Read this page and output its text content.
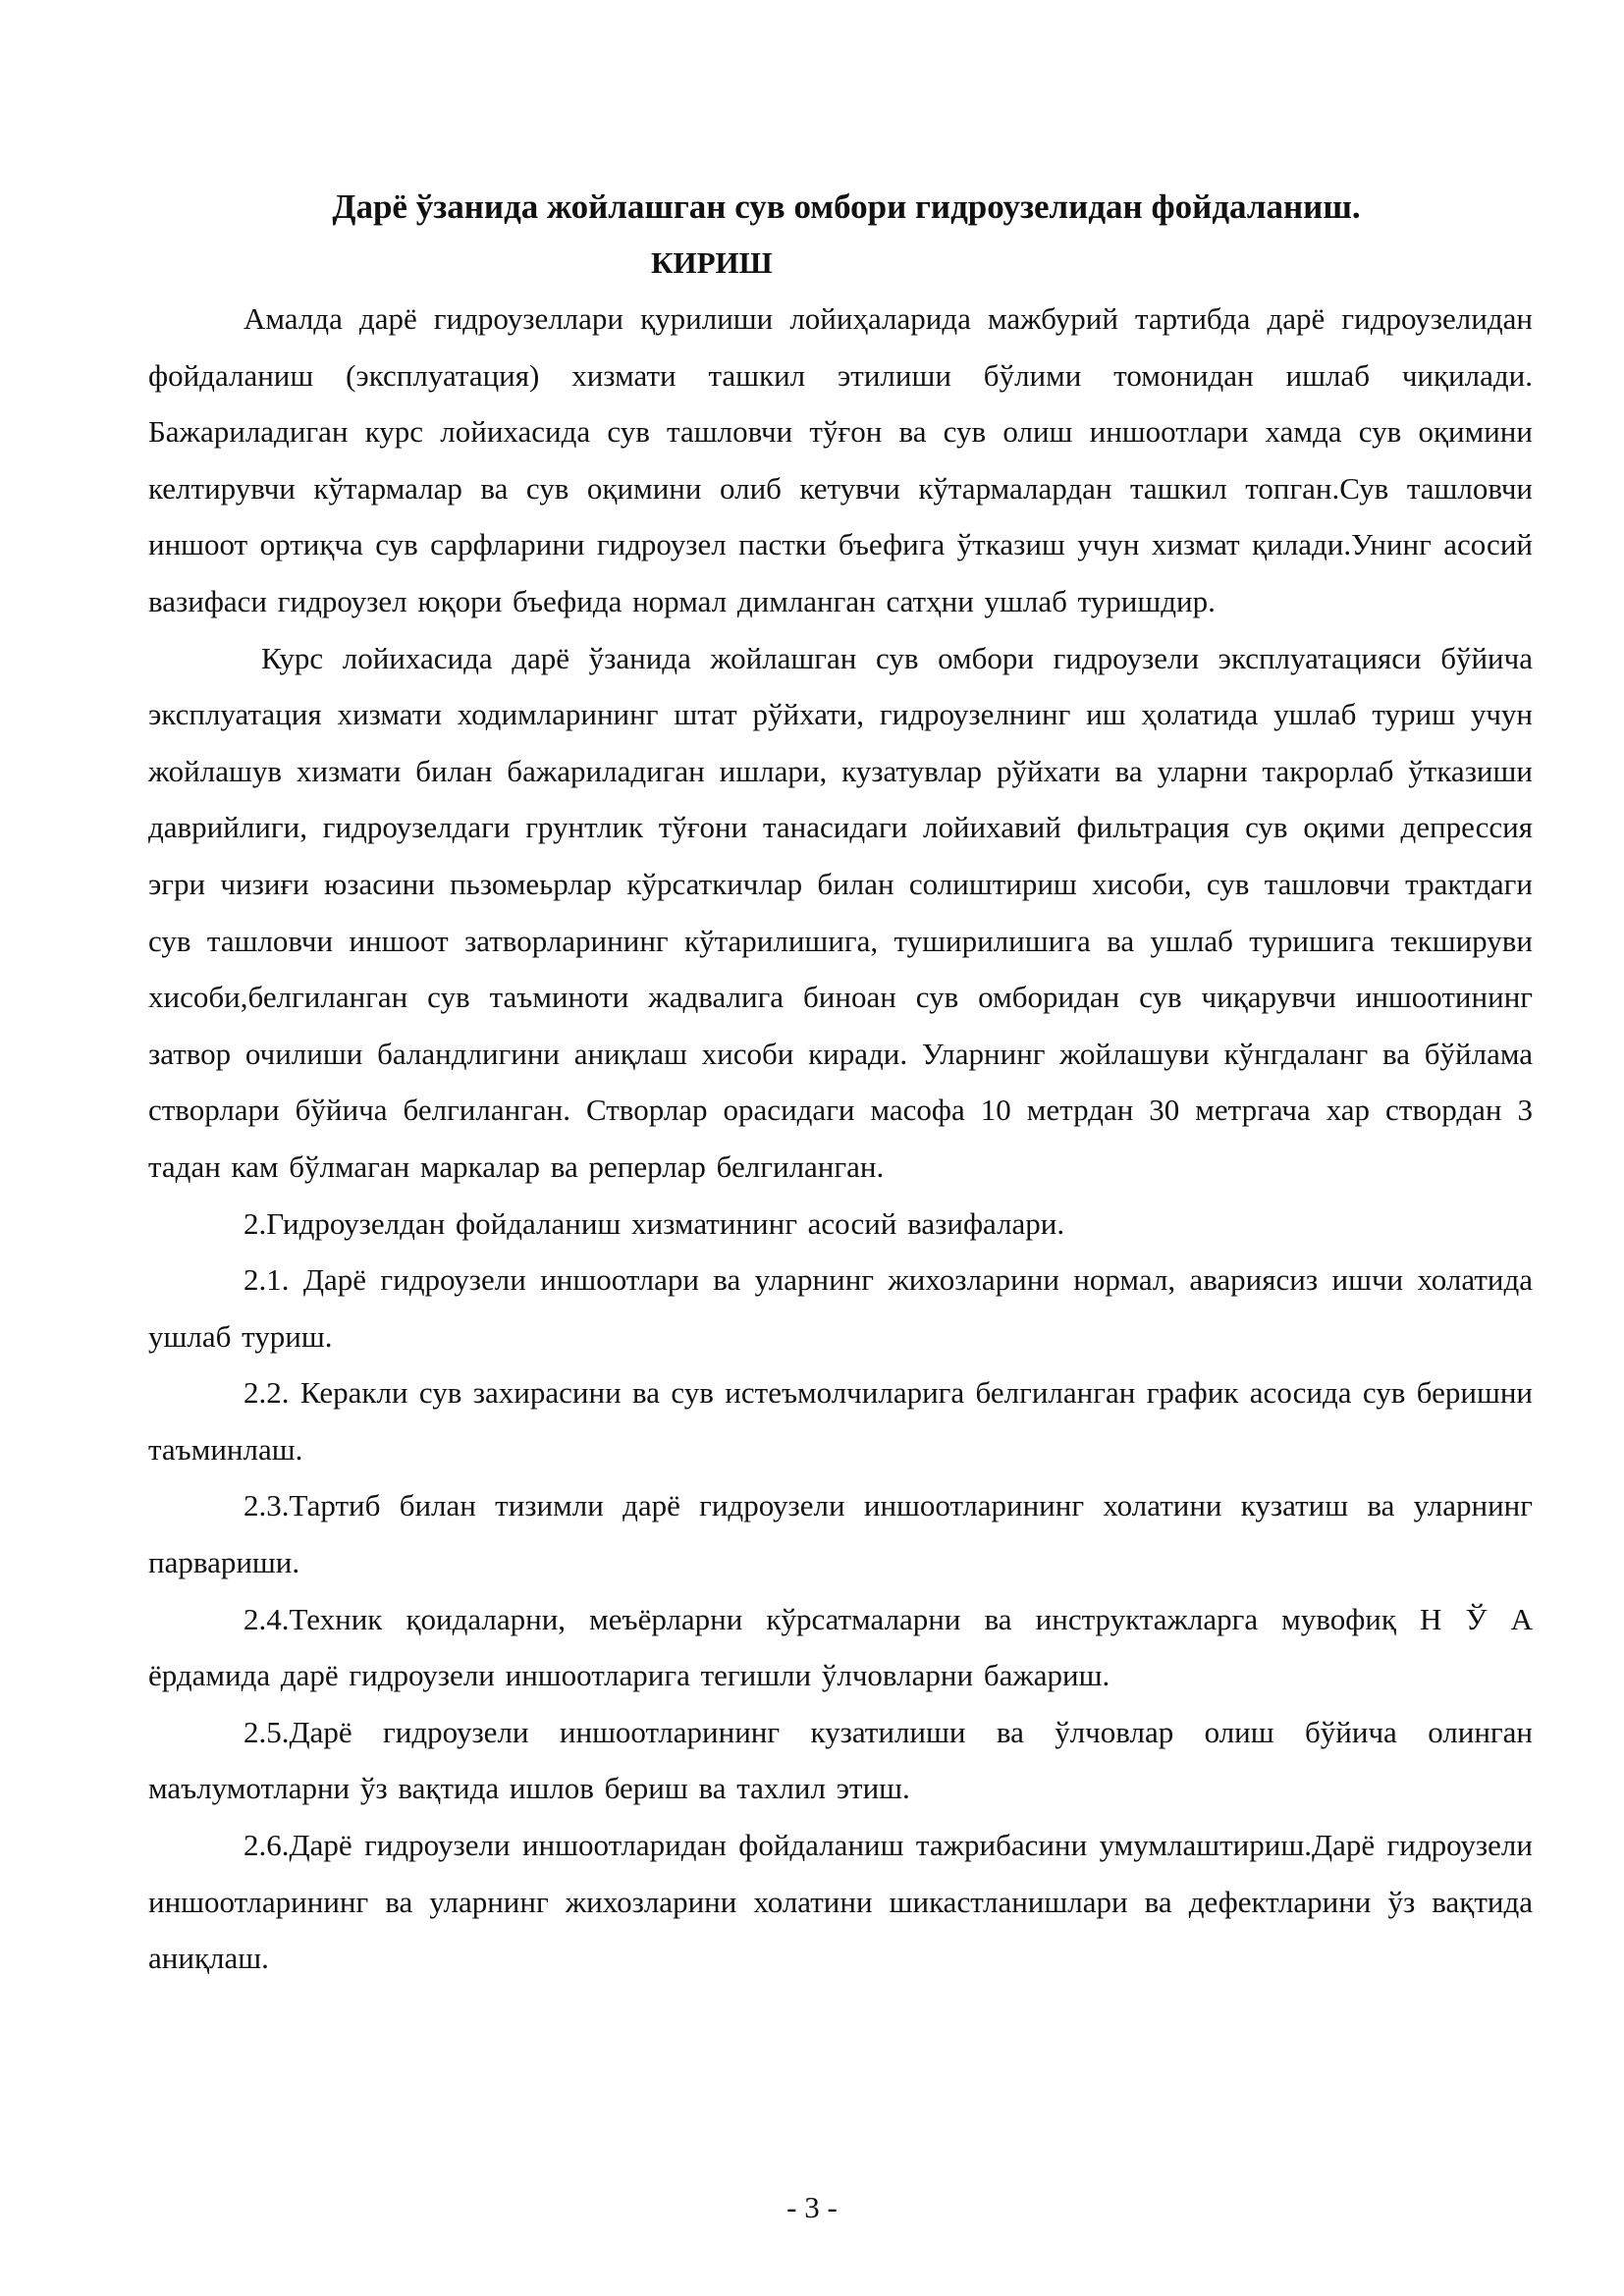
Дарё ўзанида жойлашган сув омбори гидроузелидан фойдаланиш.
КИРИШ

Амалда дарё гидроузеллари қурилиши лойиҳаларида мажбурий тартибда дарё гидроузелидан фойдаланиш (эксплуатация) хизмати ташкил этилиши бўлими томонидан ишлаб чиқилади. Бажариладиган курс лойихасида сув ташловчи тўғон ва сув олиш иншоотлари хамда сув оқимини келтирувчи кўтармалар ва сув оқимини олиб кетувчи кўтармалардан ташкил топган.Сув ташловчи иншоот ортиқча сув сарфларини гидроузел пастки бъефига ўтказиш учун хизмат қилади.Унинг асосий вазифаси гидроузел юқори бъефида нормал димланган сатҳни ушлаб туришдир.

Курс лойихасида дарё ўзанида жойлашган сув омбори гидроузели эксплуатацияси бўйича эксплуатация хизмати ходимларининг штат рўйхати, гидроузелнинг иш ҳолатида ушлаб туриш учун жойлашув хизмати билан бажариладиган ишлари, кузатувлар рўйхати ва уларни такрорлаб ўтказиши даврийлиги, гидроузелдаги грунтлик тўғони танасидаги лойихавий фильтрация сув оқими депрессия эгри чизиғи юзасини пьзомеьрлар кўрсаткичлар билан солиштириш хисоби, сув ташловчи трактдаги сув ташловчи иншоот затворларининг кўтарилишига, туширилишига ва ушлаб туришига текшируви хисоби,белгиланган сув таъминоти жадвалига биноан сув омборидан сув чиқарувчи иншоотининг затвор очилиши баландлигини аниқлаш хисоби киради. Уларнинг жойлашуви кўнгдаланг ва бўйлама створлари бўйича белгиланган. Створлар орасидаги масофа 10 метрдан 30 метргача хар створдан 3 тадан кам бўлмаган маркалар ва реперлар белгиланган.

2.Гидроузелдан фойдаланиш хизматининг асосий вазифалари.

2.1. Дарё гидроузели иншоотлари ва уларнинг жихозларини нормал, авариясиз ишчи холатида ушлаб туриш.

2.2. Керакли сув захирасини ва сув истеъмолчиларига белгиланган график асосида сув беришни таъминлаш.

2.3.Тартиб билан тизимли дарё гидроузели иншоотларининг холатини кузатиш ва уларнинг парвариши.

2.4.Техник қоидаларни, меъёрларни кўрсатмаларни ва инструктажларга мувофиқ Н Ў А ёрдамида дарё гидроузели иншоотларига тегишли ўлчовларни бажариш.

2.5.Дарё гидроузели иншоотларининг кузатилиши ва ўлчовлар олиш бўйича олинган маълумотларни ўз вақтида ишлов бериш ва тахлил этиш.

2.6.Дарё гидроузели иншоотларидан фойдаланиш тажрибасини умумлаштириш.Дарё гидроузели иншоотларининг ва уларнинг жихозларини холатини шикастланишлари ва дефектларини ўз вақтида аниқлаш.

- 3 -
